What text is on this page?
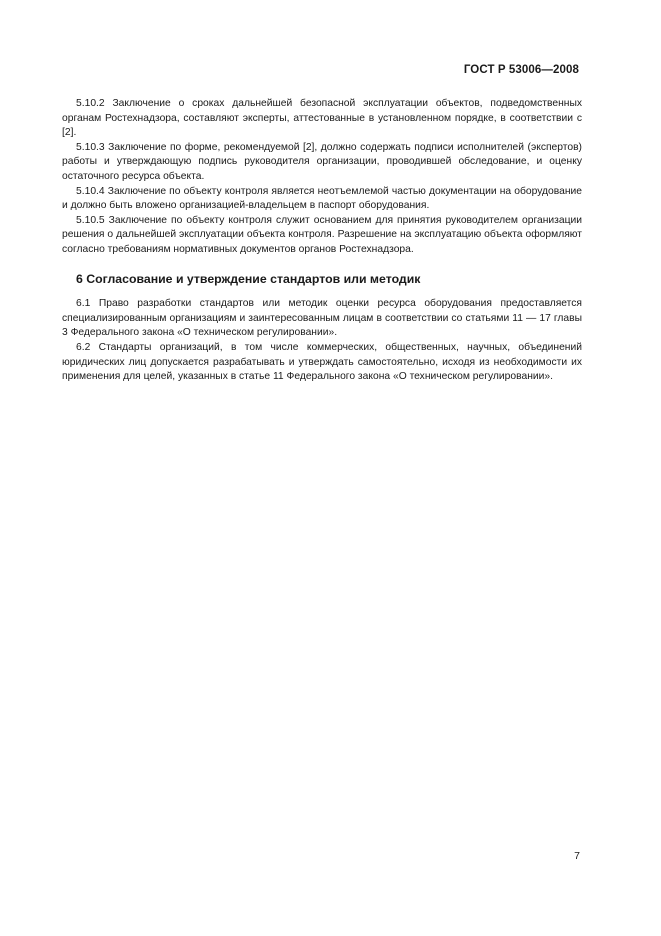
ГОСТ Р 53006—2008

5.10.2 Заключение о сроках дальнейшей безопасной эксплуатации объектов, подведомственных органам Ростехнадзора, составляют эксперты, аттестованные в установленном порядке, в соответствии с [2].

5.10.3 Заключение по форме, рекомендуемой [2], должно содержать подписи исполнителей (экспертов) работы и утверждающую подпись руководителя организации, проводившей обследование, и оценку остаточного ресурса объекта.

5.10.4 Заключение по объекту контроля является неотъемлемой частью документации на оборудование и должно быть вложено организацией-владельцем в паспорт оборудования.

5.10.5 Заключение по объекту контроля служит основанием для принятия руководителем организации решения о дальнейшей эксплуатации объекта контроля. Разрешение на эксплуатацию объекта оформляют согласно требованиям нормативных документов органов Ростехнадзора.

6 Согласование и утверждение стандартов или методик

6.1 Право разработки стандартов или методик оценки ресурса оборудования предоставляется специализированным организациям и заинтересованным лицам в соответствии со статьями 11 — 17 главы 3 Федерального закона «О техническом регулировании».

6.2 Стандарты организаций, в том числе коммерческих, общественных, научных, объединений юридических лиц допускается разрабатывать и утверждать самостоятельно, исходя из необходимости их применения для целей, указанных в статье 11 Федерального закона «О техническом регулировании».

7
